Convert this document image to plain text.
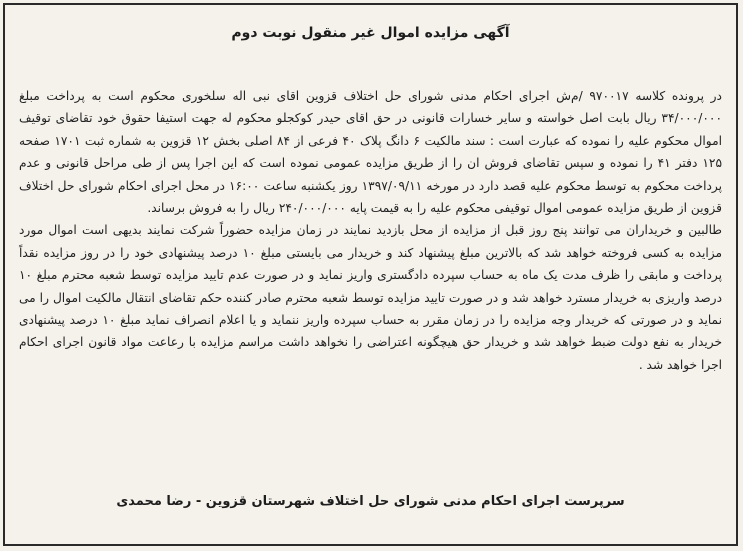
آگهی مزایده اموال غیر منقول نوبت دوم

در پرونده کلاسه ۹۷۰۰۱۷ /م‌ش اجرای احکام مدنی شورای حل اختلاف قزوین اقای نبی اله سلخوری محکوم است به پرداخت مبلغ ۳۴/۰۰۰/۰۰۰ ریال بابت اصل خواسته و سایر خسارات قانونی در حق اقای حیدر کوکجلو محکوم له جهت استیفا حقوق خود تقاضای توقیف اموال محکوم علیه را نموده که عبارت است : سند مالکیت ۶ دانگ پلاک ۴۰ فرعی از ۸۴ اصلی بخش ۱۲ قزوین به شماره ثبت ۱۷۰۱ صفحه ۱۲۵ دفتر ۴۱ را نموده و سپس تقاضای فروش ان را از طریق مزایده عمومی نموده است که این اجرا پس از طی مراحل قانونی و عدم پرداخت محکوم به توسط محکوم علیه قصد دارد در مورخه ۱۳۹۷/۰۹/۱۱ روز یکشنبه ساعت ۱۶:۰۰ در محل اجرای احکام شورای حل اختلاف قزوین از طریق مزایده عمومی اموال توقیفی محکوم علیه را به قیمت پایه ۲۴۰/۰۰۰/۰۰۰ ریال را به فروش برساند.

طالبین و خریداران می توانند پنج روز قبل از مزایده از محل بازدید نمایند در زمان مزایده حضوراً شرکت نمایند بدیهی است اموال مورد مزایده به کسی فروخته خواهد شد که بالاترین مبلغ پیشنهاد کند و خریدار می بایستی مبلغ ۱۰ درصد پیشنهادی خود را در روز مزایده نقداً پرداخت و مابقی را ظرف مدت یک ماه به حساب سپرده دادگستری واریز نماید و در صورت عدم تایید مزایده توسط شعبه محترم مبلغ ۱۰ درصد واریزی به خریدار مسترد خواهد شد و در صورت تایید مزایده توسط شعبه محترم صادر کننده حکم تقاضای انتقال مالکیت اموال را می نماید و در صورتی که خریدار وجه مزایده را در زمان مقرر به حساب سپرده واریز ننماید و یا اعلام انصراف نماید مبلغ ۱۰ درصد پیشنهادی خریدار به نفع دولت ضبط خواهد شد و خریدار حق هیچگونه اعتراضی را نخواهد داشت مراسم مزایده با رعاعت مواد قانون اجرای احکام اجرا خواهد شد .

سرپرست اجرای احکام مدنی شورای حل اختلاف شهرستان قزوین - رضا محمدی
